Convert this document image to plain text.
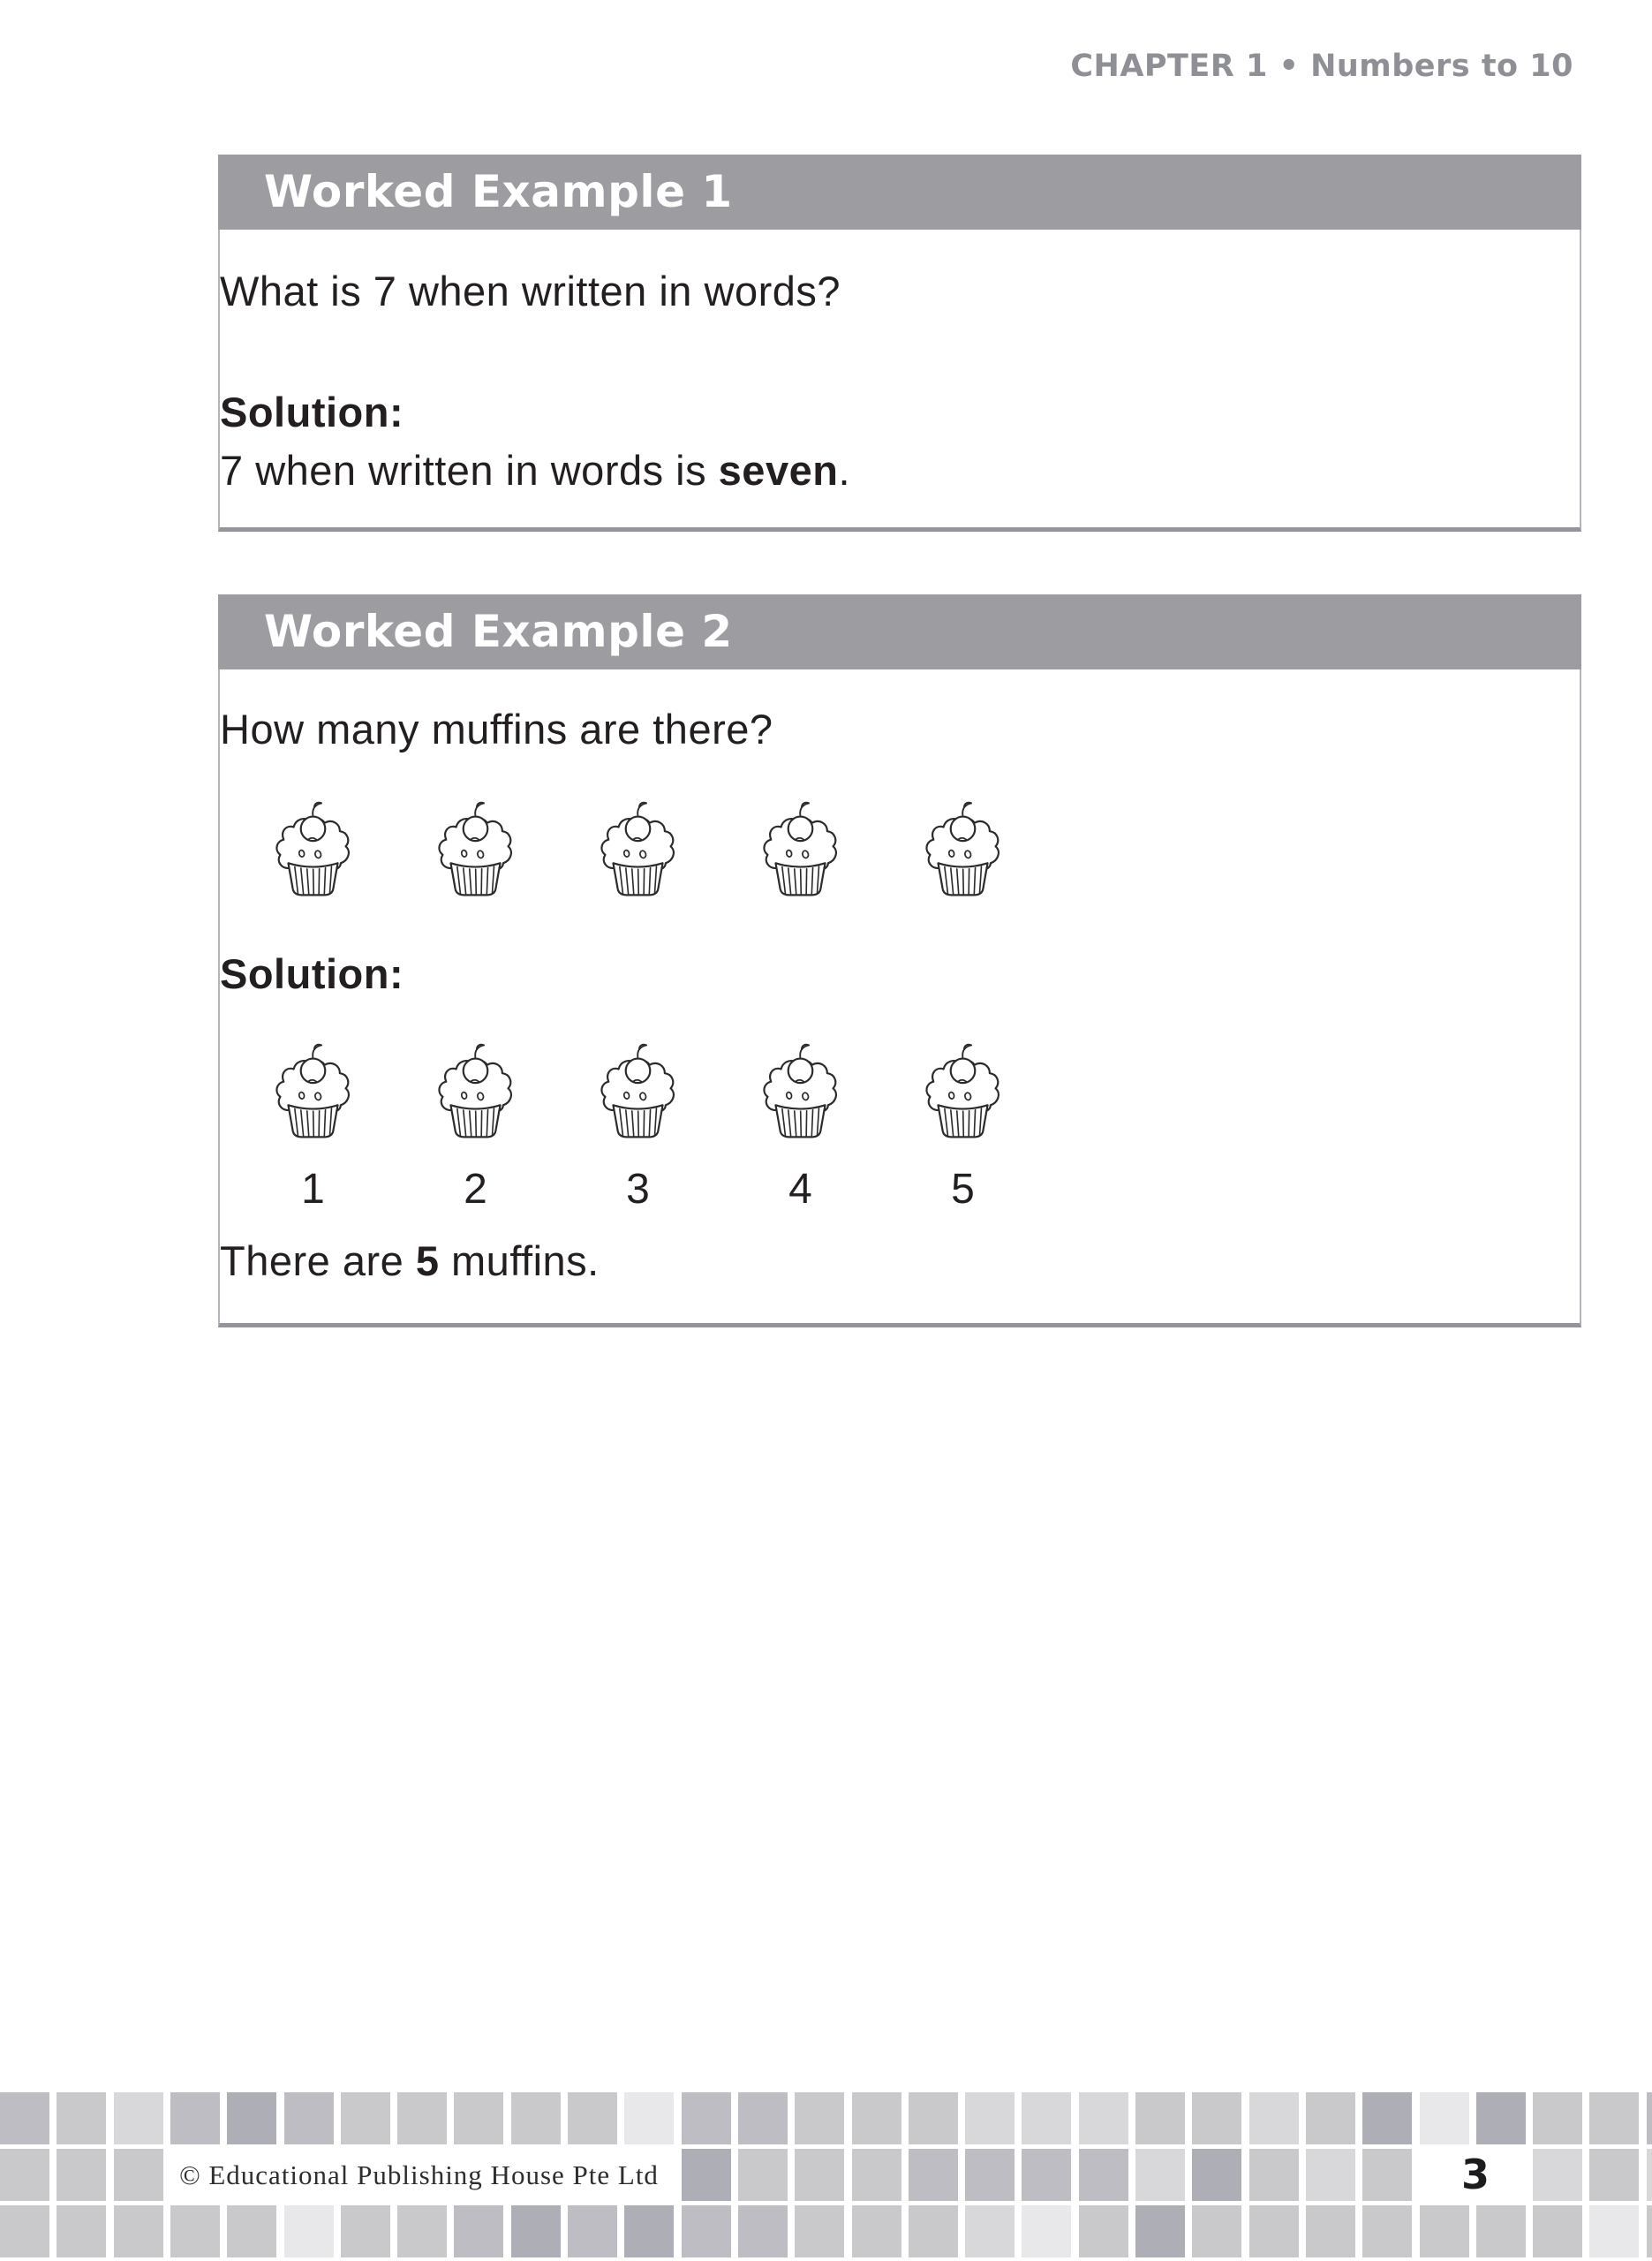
CHAPTER 1 • Numbers to 10
Worked Example 1

What is 7 when written in words?

Solution:

7 when written in words is seven.

Worked Example 2

How many muffins are there?

Solution:

1	2	3	4	5

There are 5 muffins.

© Educational Publishing House Pte Ltd	3
